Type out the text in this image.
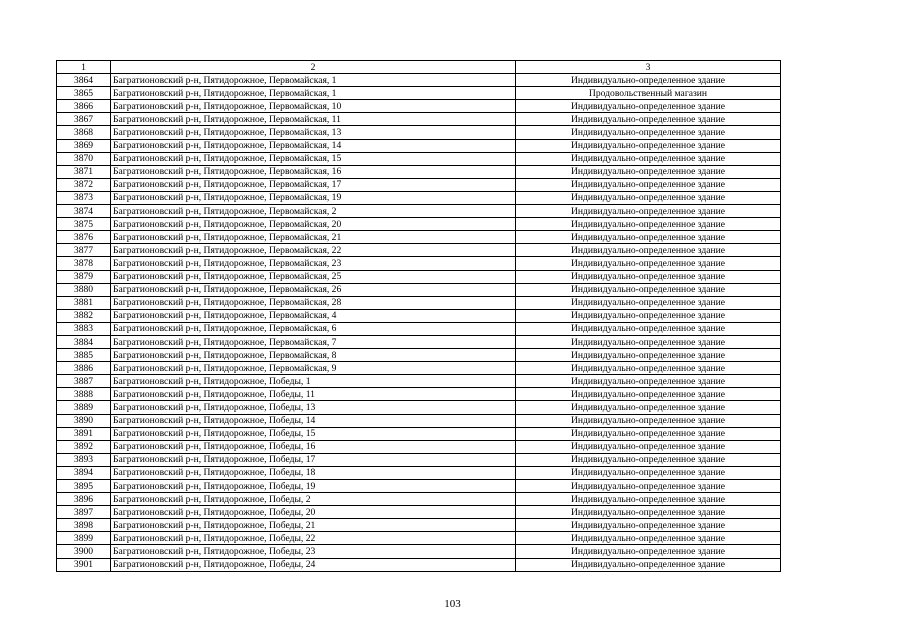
1	2	3
3864	Багратионовский р-н, Пятидорожное, Первомайская, 1	Индивидуально-определенное здание
3865	Багратионовский р-н, Пятидорожное, Первомайская, 1	Продовольственный магазин
3866	Багратионовский р-н, Пятидорожное, Первомайская, 10	Индивидуально-определенное здание
3867	Багратионовский р-н, Пятидорожное, Первомайская, 11	Индивидуально-определенное здание
3868	Багратионовский р-н, Пятидорожное, Первомайская, 13	Индивидуально-определенное здание
3869	Багратионовский р-н, Пятидорожное, Первомайская, 14	Индивидуально-определенное здание
3870	Багратионовский р-н, Пятидорожное, Первомайская, 15	Индивидуально-определенное здание
3871	Багратионовский р-н, Пятидорожное, Первомайская, 16	Индивидуально-определенное здание
3872	Багратионовский р-н, Пятидорожное, Первомайская, 17	Индивидуально-определенное здание
3873	Багратионовский р-н, Пятидорожное, Первомайская, 19	Индивидуально-определенное здание
3874	Багратионовский р-н, Пятидорожное, Первомайская, 2	Индивидуально-определенное здание
3875	Багратионовский р-н, Пятидорожное, Первомайская, 20	Индивидуально-определенное здание
3876	Багратионовский р-н, Пятидорожное, Первомайская, 21	Индивидуально-определенное здание
3877	Багратионовский р-н, Пятидорожное, Первомайская, 22	Индивидуально-определенное здание
3878	Багратионовский р-н, Пятидорожное, Первомайская, 23	Индивидуально-определенное здание
3879	Багратионовский р-н, Пятидорожное, Первомайская, 25	Индивидуально-определенное здание
3880	Багратионовский р-н, Пятидорожное, Первомайская, 26	Индивидуально-определенное здание
3881	Багратионовский р-н, Пятидорожное, Первомайская, 28	Индивидуально-определенное здание
3882	Багратионовский р-н, Пятидорожное, Первомайская, 4	Индивидуально-определенное здание
3883	Багратионовский р-н, Пятидорожное, Первомайская, 6	Индивидуально-определенное здание
3884	Багратионовский р-н, Пятидорожное, Первомайская, 7	Индивидуально-определенное здание
3885	Багратионовский р-н, Пятидорожное, Первомайская, 8	Индивидуально-определенное здание
3886	Багратионовский р-н, Пятидорожное, Первомайская, 9	Индивидуально-определенное здание
3887	Багратионовский р-н, Пятидорожное, Победы, 1	Индивидуально-определенное здание
3888	Багратионовский р-н, Пятидорожное, Победы, 11	Индивидуально-определенное здание
3889	Багратионовский р-н, Пятидорожное, Победы, 13	Индивидуально-определенное здание
3890	Багратионовский р-н, Пятидорожное, Победы, 14	Индивидуально-определенное здание
3891	Багратионовский р-н, Пятидорожное, Победы, 15	Индивидуально-определенное здание
3892	Багратионовский р-н, Пятидорожное, Победы, 16	Индивидуально-определенное здание
3893	Багратионовский р-н, Пятидорожное, Победы, 17	Индивидуально-определенное здание
3894	Багратионовский р-н, Пятидорожное, Победы, 18	Индивидуально-определенное здание
3895	Багратионовский р-н, Пятидорожное, Победы, 19	Индивидуально-определенное здание
3896	Багратионовский р-н, Пятидорожное, Победы, 2	Индивидуально-определенное здание
3897	Багратионовский р-н, Пятидорожное, Победы, 20	Индивидуально-определенное здание
3898	Багратионовский р-н, Пятидорожное, Победы, 21	Индивидуально-определенное здание
3899	Багратионовский р-н, Пятидорожное, Победы, 22	Индивидуально-определенное здание
3900	Багратионовский р-н, Пятидорожное, Победы, 23	Индивидуально-определенное здание
3901	Багратионовский р-н, Пятидорожное, Победы, 24	Индивидуально-определенное здание
103
